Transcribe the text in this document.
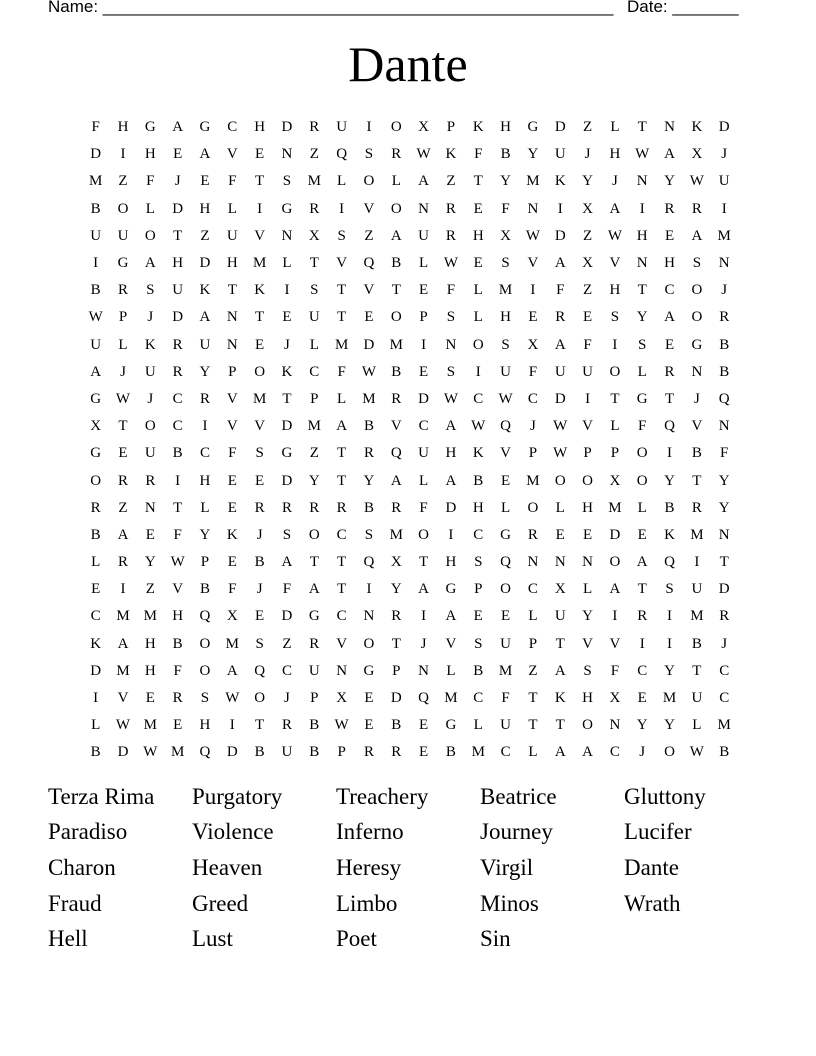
Name: ______________________________________________________

Date: _______

Dante
F	H	G	A	G	C	H	D	R	U	I	O	X	P	K	H	G	D	Z	L	T	N	K	D
D	I	H	E	A	V	E	N	Z	Q	S	R	W K	F	B	Y	U	J	H W A	X	J
M	Z	F	J	E	F	T	S	M	L	O	L	A	Z	T	Y	M	K	Y	J	N	Y W U
B	O	L	D	H	L	I	G	R	I	V	O	N	R	E	F	N	I	X	A	I	R	R	I
U	U	O	T	Z	U	V	N	X	S	Z	A	U	R	H	X W D	Z	W H	E	A	M
I	G	A	H	D	H	M	L	T	V	Q	B	L	W	E	S	V	A	X	V	N	H	S	N
B	R	S	U	K	T	K	I	S	T	V	T	E	F	L	M	I	F	Z	H	T	C	O	J
W	P	J	D	A	N	T	E	U	T	E	O	P	S	L	H	E	R	E	S	Y	A	O	R
U	L	K	R	U	N	E	J	L	M	D	M	I	N	O	S	X	A	F	I	S	E	G	B
A	J	U	R	Y	P	O	K	C	F	W	B	E	S	I	U	F	U	U	O	L	R	N	B
G W	J	C	R	V	M	T	P	L	M	R	D W	C	W	C	D	I	T	G	T	J	Q
X	T	O	C	I	V	V	D	M	A	B	V	C	A W Q	J	W V	L	F	Q	V	N
G	E	U	B	C	F	S	G	Z	T	R	Q	U	H	K	V	P	W	P	P	O	I	B	F
O	R	R	I	H	E	E	D	Y	T	Y	A	L	A	B	E	M	O	O	X	O	Y	T	Y
R	Z	N	T	L	E	R	R	R	R	B	R	F	D	H	L	O	L	H	M	L	B	R	Y
B	A	E	F	Y	K	J	S	O	C	S	M	O	I	C	G	R	E	E	D	E	K	M	N
L	R	Y W	P	E	B	A	T	T	Q	X	T	H	S	Q	N	N	N	O	A	Q	I	T
E	I	Z	V	B	F	J	F	A	T	I	Y	A	G	P	O	C	X	L	A	T	S	U	D
C	M M	H	Q	X	E	D	G	C	N	R	I	A	E	E	L	U	Y	I	R	I	M	R
K	A	H	B	O	M	S	Z	R	V	O	T	J	V	S	U	P	T	V	V	I	I	B	J
D	M	H	F	O	A	Q	C	U	N	G	P	N	L	B	M	Z	A	S	F	C	Y	T	C
I	V	E	R	S	W O	J	P	X	E	D	Q	M	C	F	T	K	H	X	E	M	U	C
L	W M	E	H	I	T	R	B	W	E	B	E	G	L	U	T	T	O	N	Y	Y	L	M
B	D W M	Q	D	B	U	B	P	R	R	E	B	M	C	L	A	A	C	J	O W	B
Terza Rima	Purgatory	Treachery	Beatrice	Gluttony
Paradiso	Violence	Inferno	Journey	Lucifer
Charon	Heaven	Heresy	Virgil	Dante
Fraud	Greed	Limbo	Minos	Wrath
Hell	Lust	Poet	Sin
